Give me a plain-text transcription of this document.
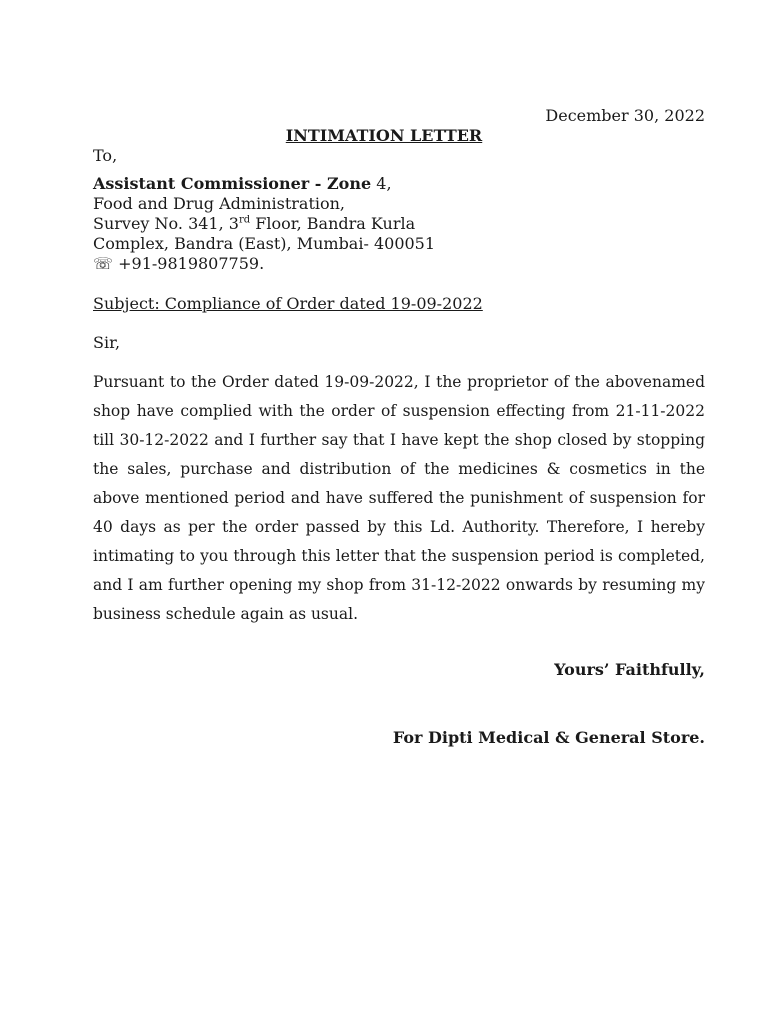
December 30, 2022
INTIMATION LETTER
To,
Assistant Commissioner - Zone 4,
Food and Drug Administration,
Survey No. 341, 3rd Floor, Bandra Kurla
Complex, Bandra (East), Mumbai- 400051
☏ +91-9819807759.
Subject: Compliance of Order dated 19-09-2022
Sir,
Pursuant to the Order dated 19-09-2022, I the proprietor of the abovenamed shop have complied with the order of suspension effecting from 21-11-2022 till 30-12-2022 and I further say that I have kept the shop closed by stopping the sales, purchase and distribution of the medicines & cosmetics in the above mentioned period and have suffered the punishment of suspension for 40 days as per the order passed by this Ld. Authority. Therefore, I hereby intimating to you through this letter that the suspension period is completed, and I am further opening my shop from 31-12-2022 onwards by resuming my business schedule again as usual.
Yours’ Faithfully,
For Dipti Medical & General Store.
